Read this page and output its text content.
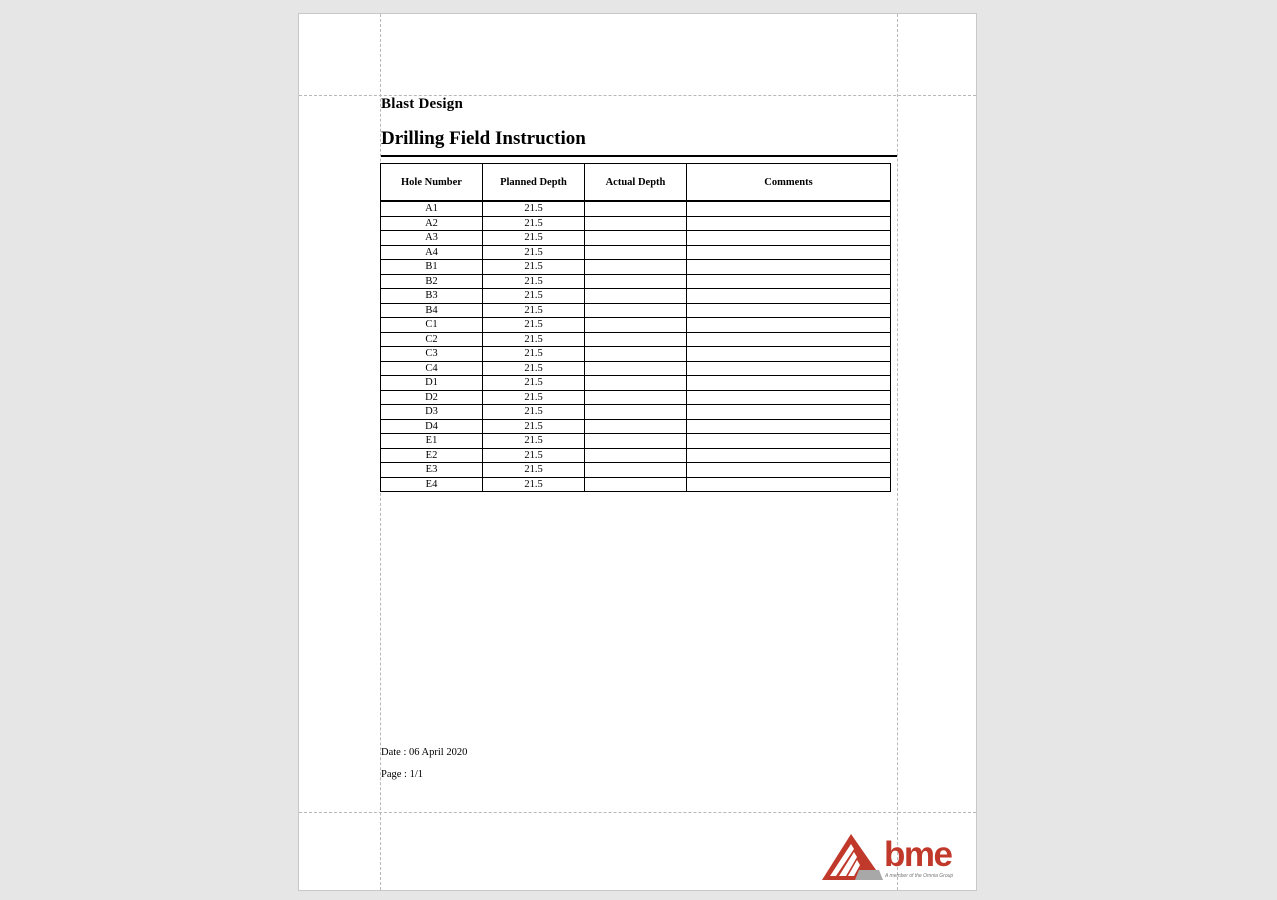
Blast Design
Drilling Field Instruction
Hole Number	Planned Depth	Actual Depth	Comments
A1	21.5		
A2	21.5		
A3	21.5		
A4	21.5		
B1	21.5		
B2	21.5		
B3	21.5		
B4	21.5		
C1	21.5		
C2	21.5		
C3	21.5		
C4	21.5		
D1	21.5		
D2	21.5		
D3	21.5		
D4	21.5		
E1	21.5		
E2	21.5		
E3	21.5		
E4	21.5		
Date : 06 April 2020
Page : 1/1
bme
A member of the Omnia Group
